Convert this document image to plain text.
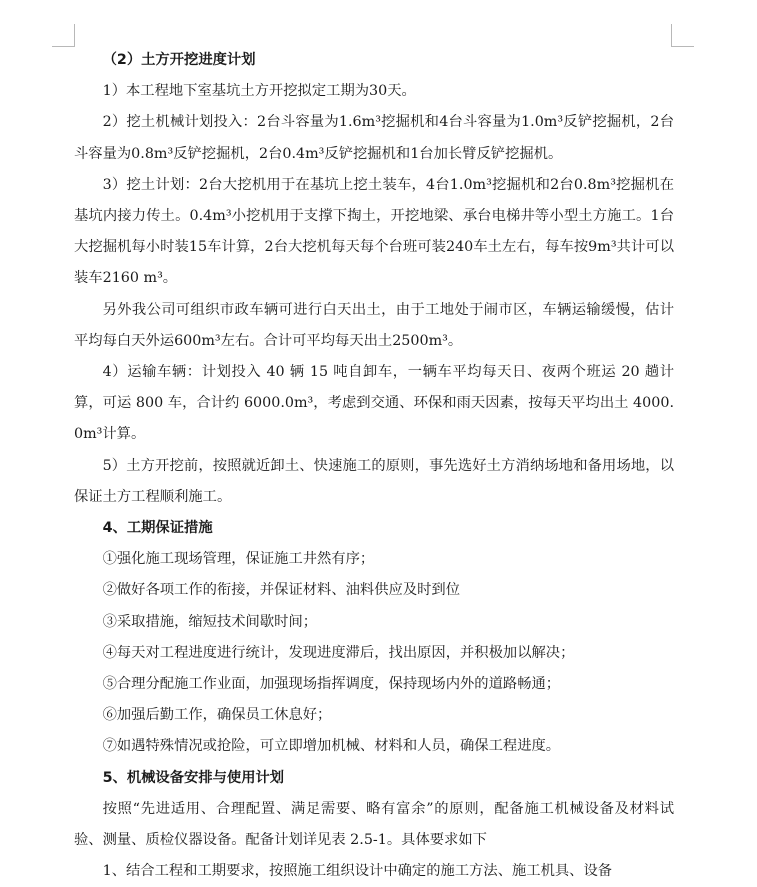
（2）土方开挖进度计划

1）本工程地下室基坑土方开挖拟定工期为30天。

2）挖土机械计划投入：2台斗容量为1.6m³挖掘机和4台斗容量为1.0m³反铲挖掘机，2台斗容量为0.8m³反铲挖掘机，2台0.4m³反铲挖掘机和1台加长臂反铲挖掘机。

3）挖土计划：2台大挖机用于在基坑上挖土装车，4台1.0m³挖掘机和2台0.8m³挖掘机在基坑内接力传土。0.4m³小挖机用于支撑下掏土，开挖地梁、承台电梯井等小型土方施工。1台大挖掘机每小时装15车计算，2台大挖机每天每个台班可装240车土左右，每车按9m³共计可以装车2160 m³。

另外我公司可组织市政车辆可进行白天出土，由于工地处于闹市区，车辆运输缓慢，估计平均每白天外运600m³左右。合计可平均每天出土2500m³。

4）运输车辆：计划投入 40 辆 15 吨自卸车，一辆车平均每天日、夜两个班运 20 趟计算，可运 800 车，合计约 6000.0m³，考虑到交通、环保和雨天因素，按每天平均出土 4000.0m³计算。

5）土方开挖前，按照就近卸土、快速施工的原则，事先选好土方消纳场地和备用场地，以保证土方工程顺利施工。

4、工期保证措施

①强化施工现场管理，保证施工井然有序；

②做好各项工作的衔接，并保证材料、油料供应及时到位

③采取措施，缩短技术间歇时间；

④每天对工程进度进行统计，发现进度滞后，找出原因，并积极加以解决；

⑤合理分配施工作业面，加强现场指挥调度，保持现场内外的道路畅通；

⑥加强后勤工作，确保员工休息好；

⑦如遇特殊情况或抢险，可立即增加机械、材料和人员，确保工程进度。

5、机械设备安排与使用计划

按照“先进适用、合理配置、满足需要、略有富余”的原则，配备施工机械设备及材料试验、测量、质检仪器设备。配备计划详见表 2.5-1。具体要求如下

1、结合工程和工期要求，按照施工组织设计中确定的施工方法、施工机具、设备
